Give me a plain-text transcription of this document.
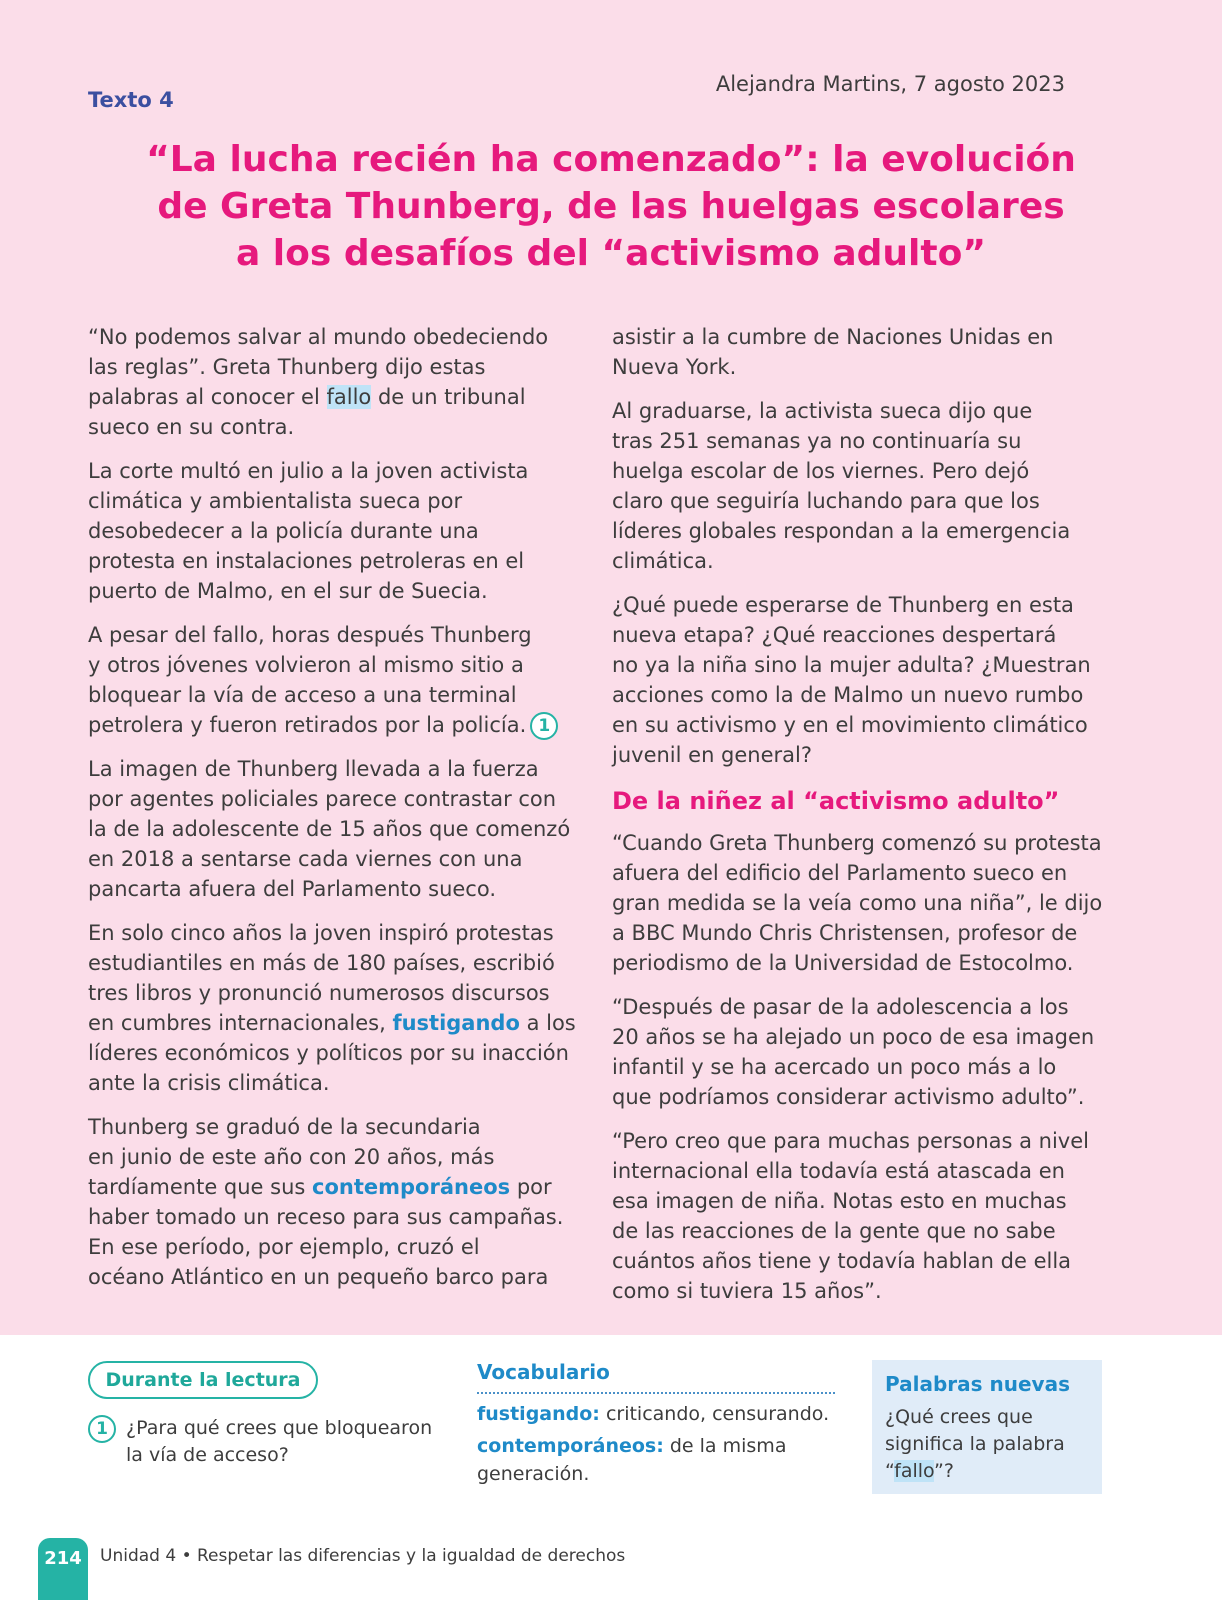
Texto 4
Alejandra Martins, 7 agosto 2023
“La lucha recién ha comenzado”: la evolución
de Greta Thunberg, de las huelgas escolares
a los desafíos del “activismo adulto”

“No podemos salvar al mundo obedeciendo
las reglas”. Greta Thunberg dijo estas
palabras al conocer el fallo de un tribunal
sueco en su contra.

La corte multó en julio a la joven activista
climática y ambientalista sueca por
desobedecer a la policía durante una
protesta en instalaciones petroleras en el
puerto de Malmo, en el sur de Suecia.

A pesar del fallo, horas después Thunberg
y otros jóvenes volvieron al mismo sitio a
bloquear la vía de acceso a una terminal
petrolera y fueron retirados por la policía. 1

La imagen de Thunberg llevada a la fuerza
por agentes policiales parece contrastar con
la de la adolescente de 15 años que comenzó
en 2018 a sentarse cada viernes con una
pancarta afuera del Parlamento sueco.

En solo cinco años la joven inspiró protestas
estudiantiles en más de 180 países, escribió
tres libros y pronunció numerosos discursos
en cumbres internacionales, fustigando a los
líderes económicos y políticos por su inacción
ante la crisis climática.

Thunberg se graduó de la secundaria
en junio de este año con 20 años, más
tardíamente que sus contemporáneos por
haber tomado un receso para sus campañas.
En ese período, por ejemplo, cruzó el
océano Atlántico en un pequeño barco para

asistir a la cumbre de Naciones Unidas en
Nueva York.

Al graduarse, la activista sueca dijo que
tras 251 semanas ya no continuaría su
huelga escolar de los viernes. Pero dejó
claro que seguiría luchando para que los
líderes globales respondan a la emergencia
climática.

¿Qué puede esperarse de Thunberg en esta
nueva etapa? ¿Qué reacciones despertará
no ya la niña sino la mujer adulta? ¿Muestran
acciones como la de Malmo un nuevo rumbo
en su activismo y en el movimiento climático
juvenil en general?

De la niñez al “activismo adulto”

“Cuando Greta Thunberg comenzó su protesta
afuera del edificio del Parlamento sueco en
gran medida se la veía como una niña”, le dijo
a BBC Mundo Chris Christensen, profesor de
periodismo de la Universidad de Estocolmo.

“Después de pasar de la adolescencia a los
20 años se ha alejado un poco de esa imagen
infantil y se ha acercado un poco más a lo
que podríamos considerar activismo adulto”.

“Pero creo que para muchas personas a nivel
internacional ella todavía está atascada en
esa imagen de niña. Notas esto en muchas
de las reacciones de la gente que no sabe
cuántos años tiene y todavía hablan de ella
como si tuviera 15 años”.

Durante la lectura
1 ¿Para qué crees que bloquearon
la vía de acceso?
Vocabulario

fustigando: criticando, censurando.

contemporáneos: de la misma
generación.

Palabras nuevas
¿Qué crees que
significa la palabra
“fallo”?
214	Unidad 4 • Respetar las diferencias y la igualdad de derechos
